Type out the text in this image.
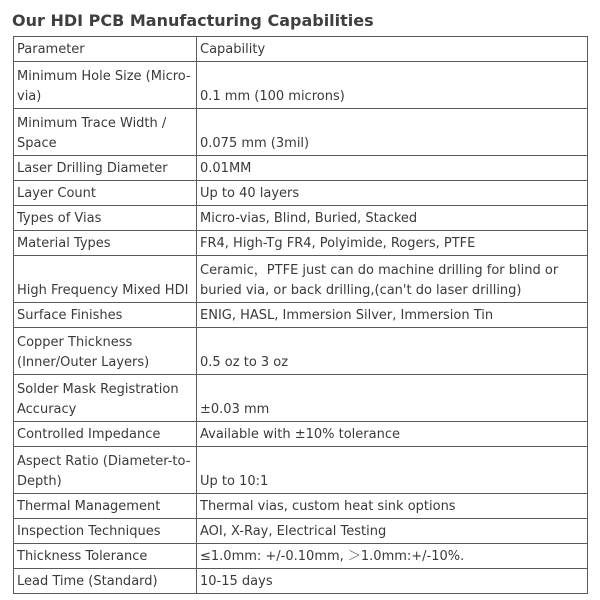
Our HDI PCB Manufacturing Capabilities
Parameter	Capability
Minimum Hole Size (Micro-via)	0.1 mm (100 microns)
Minimum Trace Width / Space	0.075 mm (3mil)
Laser Drilling Diameter	0.01MM
Layer Count	Up to 40 layers
Types of Vias	Micro-vias, Blind, Buried, Stacked
Material Types	FR4, High-Tg FR4, Polyimide, Rogers, PTFE
High Frequency Mixed HDI	Ceramic，PTFE just can do machine drilling for blind or buried via, or back drilling,(can't do laser drilling)
Surface Finishes	ENIG, HASL, Immersion Silver, Immersion Tin
Copper Thickness (Inner/Outer Layers)	0.5 oz to 3 oz
Solder Mask Registration Accuracy	±0.03 mm
Controlled Impedance	Available with ±10% tolerance
Aspect Ratio (Diameter-to-Depth)	Up to 10:1
Thermal Management	Thermal vias, custom heat sink options
Inspection Techniques	AOI, X-Ray, Electrical Testing
Thickness Tolerance	≤1.0mm: +/-0.10mm, ＞1.0mm:+/-10%.
Lead Time (Standard)	10-15 days
